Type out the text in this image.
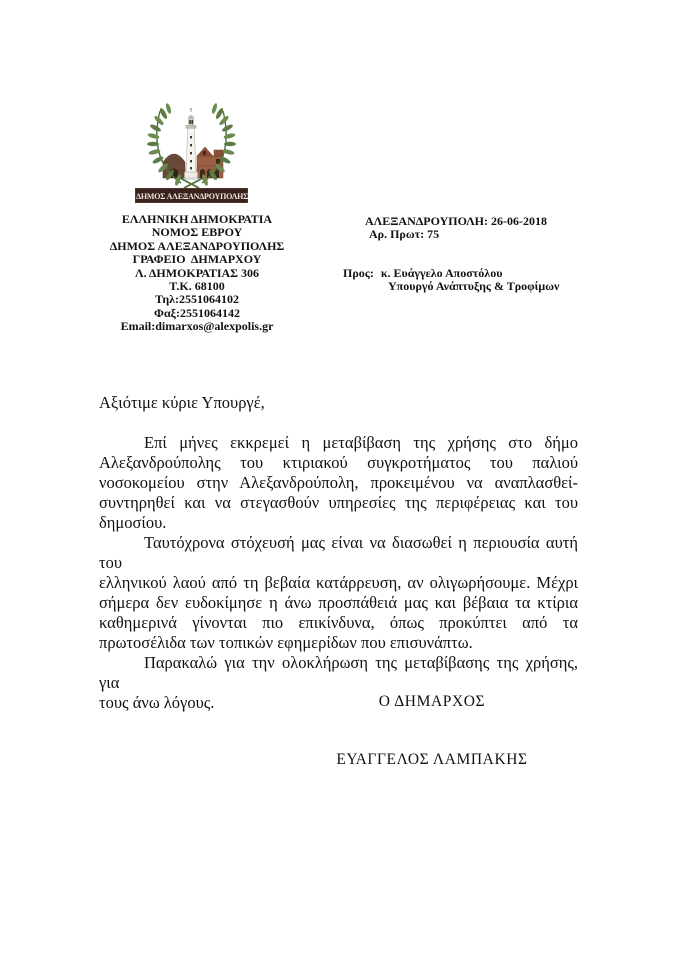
ΔΗΜΟΣ ΑΛΕΞΑΝΔΡΟΥΠΟΛΗΣ
ΕΛΛΗΝΙΚΗ ΔΗΜΟΚΡΑΤΙΑ
ΝΟΜΟΣ ΕΒΡΟΥ
ΔΗΜΟΣ ΑΛΕΞΑΝΔΡΟΥΠΟΛΗΣ
ΓΡΑΦΕΙΟ  ΔΗΜΑΡΧΟΥ
Λ. ΔΗΜΟΚΡΑΤΙΑΣ 306
Τ.Κ. 68100
Τηλ:2551064102
Φαξ:2551064142
Email:dimarxos@alexpolis.gr
ΑΛΕΞΑΝΔΡΟΥΠΟΛΗ: 26-06-2018
Αρ. Πρωτ: 75
Προς: κ. Ευάγγελο Αποστόλου
Υπουργό Ανάπτυξης & Τροφίμων
Αξιότιμε κύριε Υπουργέ,
Επί μήνες εκκρεμεί η μεταβίβαση της χρήσης στο δήμο
Αλεξανδρούπολης του κτιριακού συγκροτήματος του παλιού
νοσοκομείου στην Αλεξανδρούπολη, προκειμένου να αναπλασθεί-
συντηρηθεί και να στεγασθούν υπηρεσίες της περιφέρειας και του
δημοσίου.
Ταυτόχρονα στόχευσή μας είναι να διασωθεί η περιουσία αυτή του
ελληνικού λαού από τη βεβαία κατάρρευση, αν ολιγωρήσουμε. Μέχρι
σήμερα δεν ευδοκίμησε η άνω προσπάθειά μας και βέβαια τα κτίρια
καθημερινά γίνονται πιο επικίνδυνα, όπως προκύπτει από τα
πρωτοσέλιδα των τοπικών εφημερίδων που επισυνάπτω.
Παρακαλώ για την ολοκλήρωση της μεταβίβασης της χρήσης, για
τους άνω λόγους.	Ο ΔΗΜΑΡΧΟΣ
ΕΥΑΓΓΕΛΟΣ ΛΑΜΠΑΚΗΣ
